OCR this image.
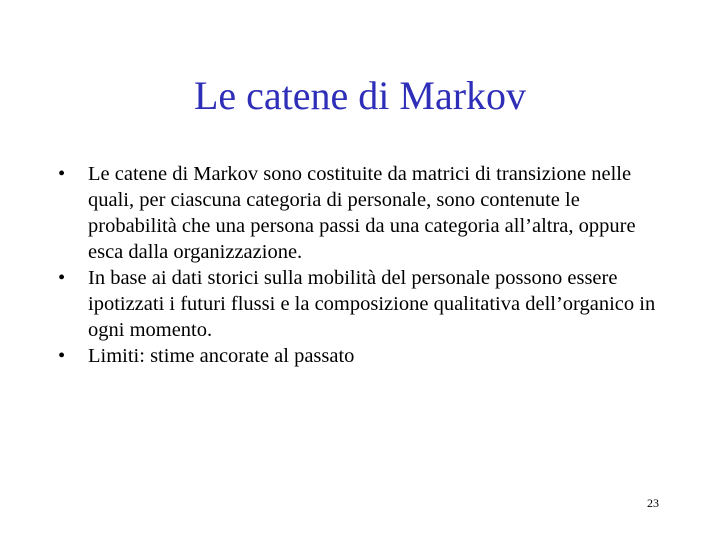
Le catene di Markov
•	Le catene di Markov sono costituite da matrici di transizione nelle quali, per ciascuna categoria di personale, sono contenute le probabilità che una persona passi da una categoria all’altra, oppure esca dalla organizzazione.
•	In base ai dati storici sulla mobilità del personale possono essere ipotizzati i futuri flussi e la composizione qualitativa dell’organico in ogni momento.
•	Limiti: stime ancorate al passato
23
